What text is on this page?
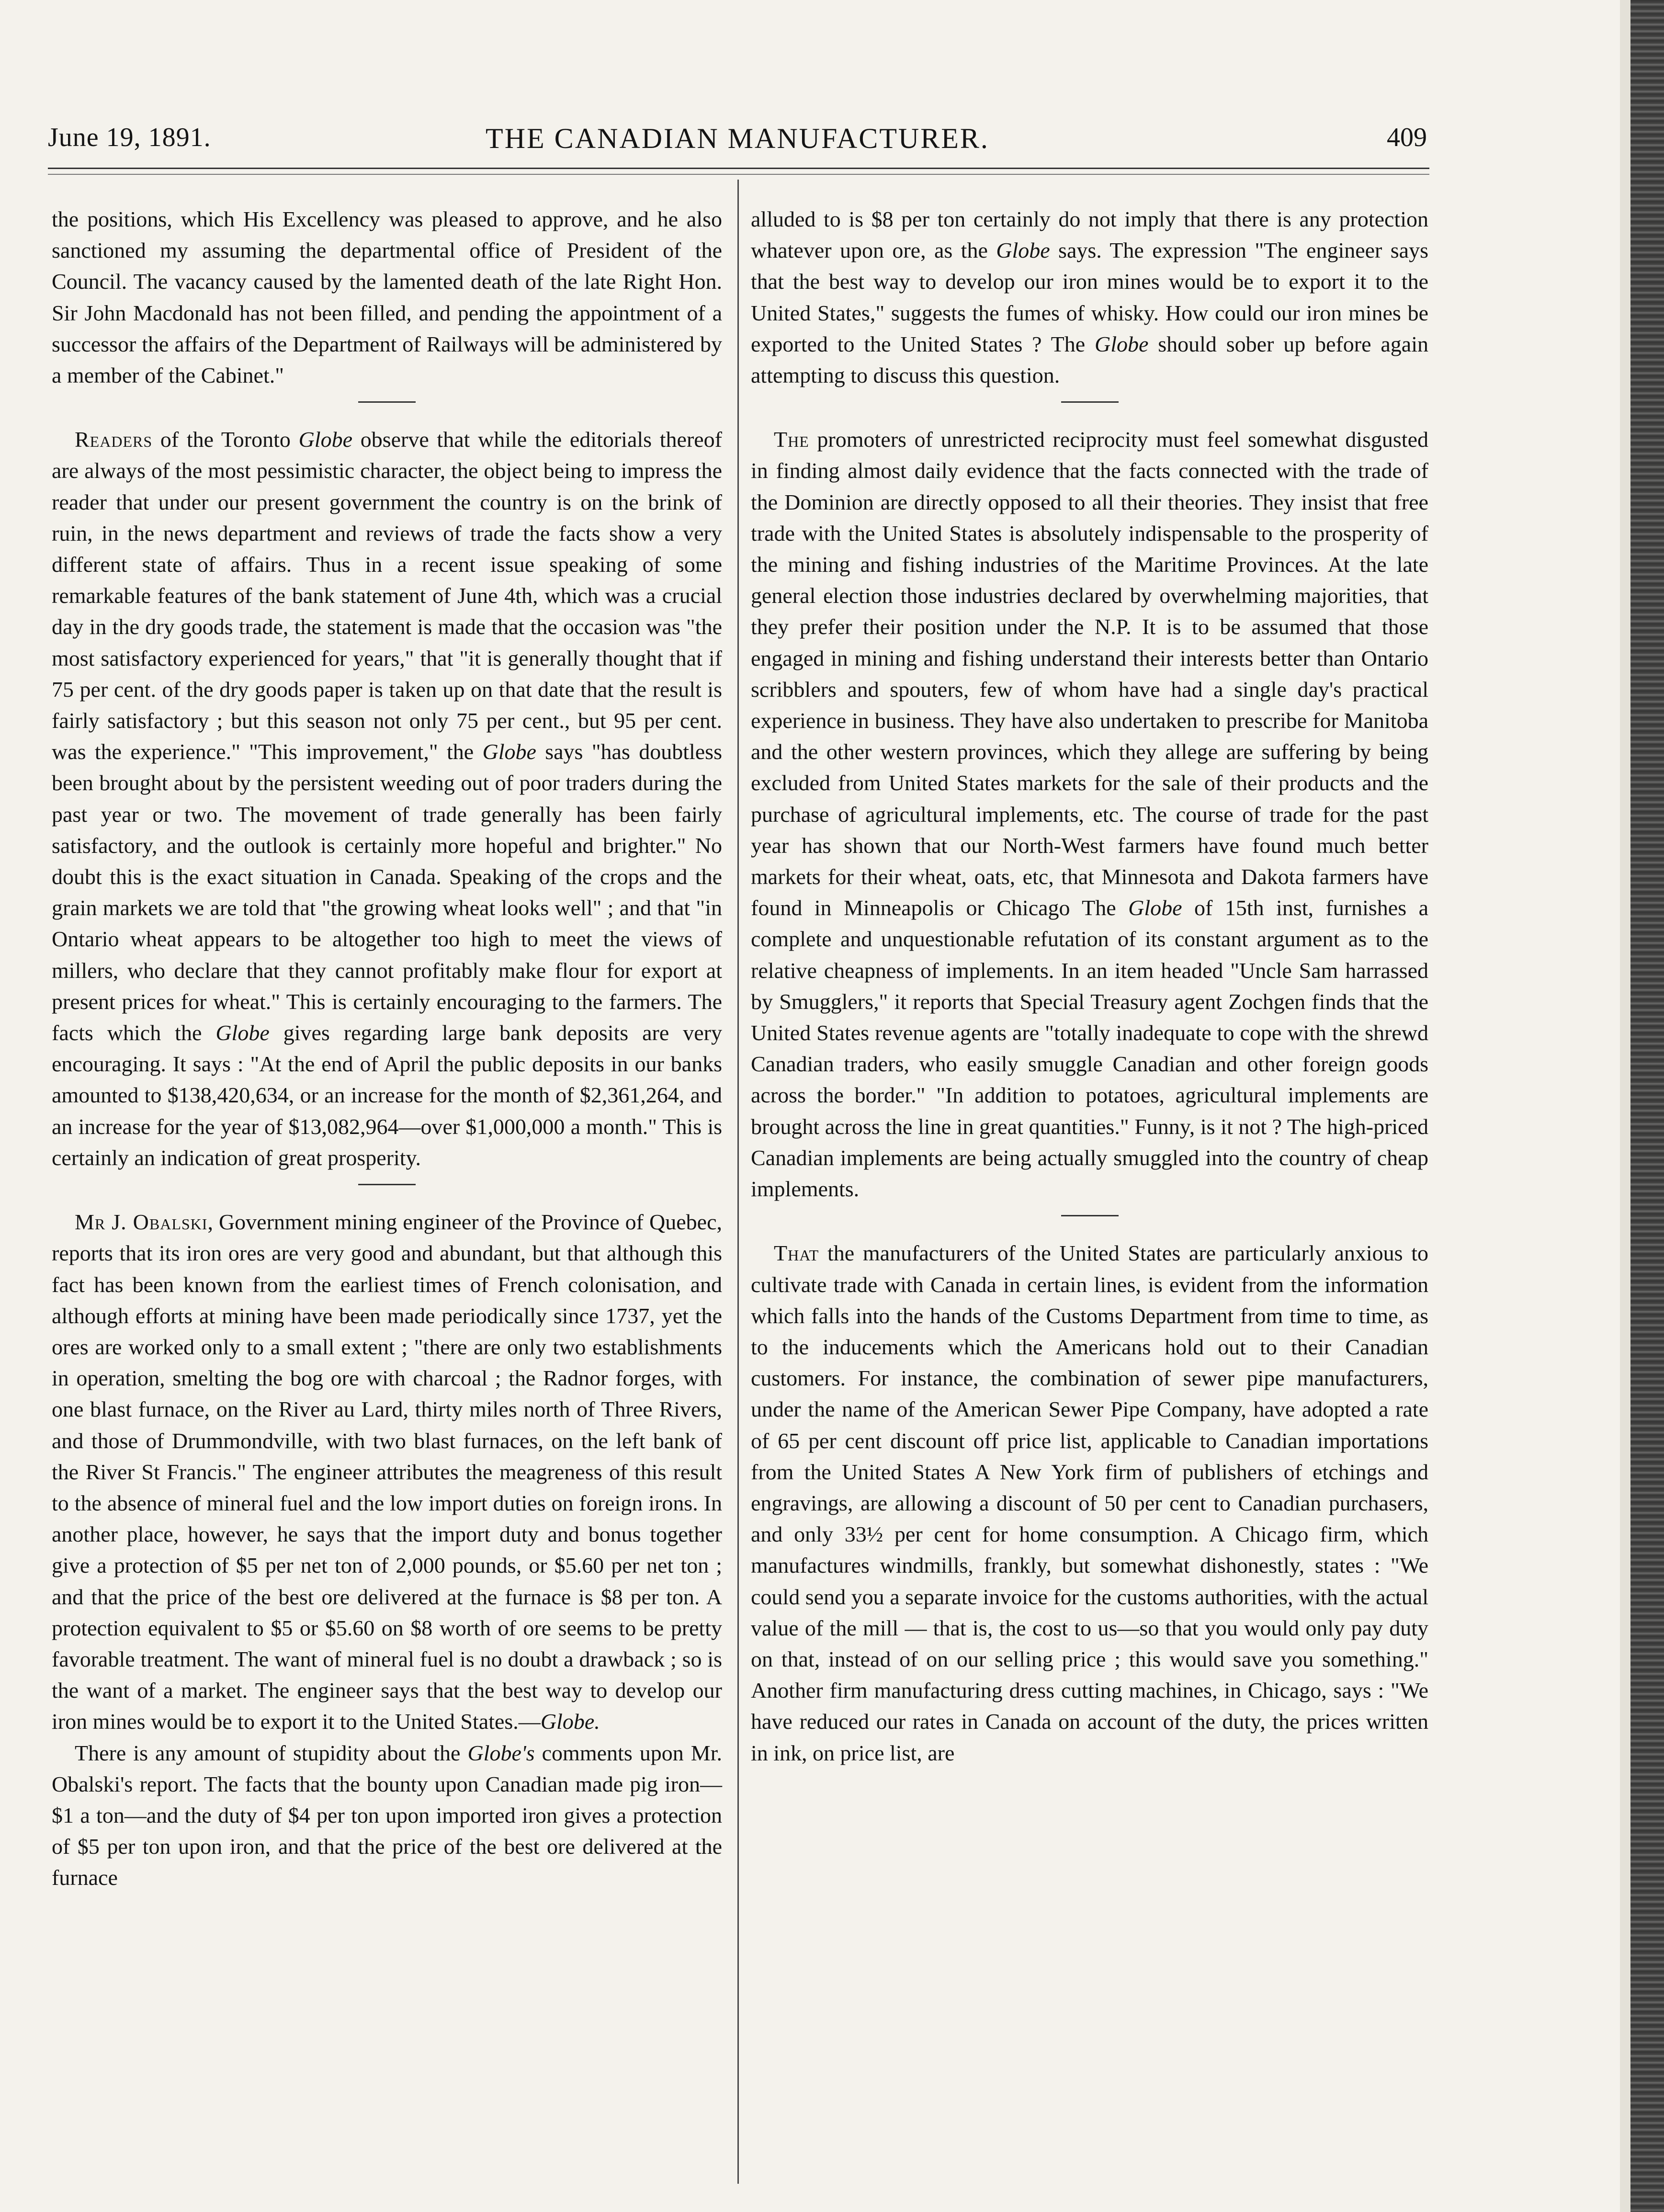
June 19, 1891.	THE CANADIAN MANUFACTURER.	409

the positions, which His Excellency was pleased to approve, and he also sanctioned my assuming the departmental office of President of the Council. The vacancy caused by the lamented death of the late Right Hon. Sir John Macdonald has not been filled, and pending the appointment of a successor the affairs of the Department of Railways will be administered by a member of the Cabinet."

Readers of the Toronto Globe observe that while the editorials thereof are always of the most pessimistic character, the object being to impress the reader that under our present government the country is on the brink of ruin, in the news department and reviews of trade the facts show a very different state of affairs. Thus in a recent issue speaking of some remarkable features of the bank statement of June 4th, which was a crucial day in the dry goods trade, the statement is made that the occasion was "the most satisfactory experienced for years," that "it is generally thought that if 75 per cent. of the dry goods paper is taken up on that date that the result is fairly satisfactory ; but this season not only 75 per cent., but 95 per cent. was the experience." "This improvement," the Globe says "has doubtless been brought about by the persistent weeding out of poor traders during the past year or two. The movement of trade generally has been fairly satisfactory, and the outlook is certainly more hopeful and brighter." No doubt this is the exact situation in Canada. Speaking of the crops and the grain markets we are told that "the growing wheat looks well" ; and that "in Ontario wheat appears to be altogether too high to meet the views of millers, who declare that they cannot profitably make flour for export at present prices for wheat." This is certainly encouraging to the farmers. The facts which the Globe gives regarding large bank deposits are very encouraging. It says : "At the end of April the public deposits in our banks amounted to $138,420,634, or an increase for the month of $2,361,264, and an increase for the year of $13,082,964—over $1,000,000 a month." This is certainly an indication of great prosperity.

Mr J. Obalski, Government mining engineer of the Province of Quebec, reports that its iron ores are very good and abundant, but that although this fact has been known from the earliest times of French colonisation, and although efforts at mining have been made periodically since 1737, yet the ores are worked only to a small extent ; "there are only two establishments in operation, smelting the bog ore with charcoal ; the Radnor forges, with one blast furnace, on the River au Lard, thirty miles north of Three Rivers, and those of Drummondville, with two blast furnaces, on the left bank of the River St Francis." The engineer attributes the meagreness of this result to the absence of mineral fuel and the low import duties on foreign irons. In another place, however, he says that the import duty and bonus together give a protection of $5 per net ton of 2,000 pounds, or $5.60 per net ton ; and that the price of the best ore delivered at the furnace is $8 per ton. A protection equivalent to $5 or $5.60 on $8 worth of ore seems to be pretty favorable treatment. The want of mineral fuel is no doubt a drawback ; so is the want of a market. The engineer says that the best way to develop our iron mines would be to export it to the United States.—Globe.

There is any amount of stupidity about the Globe's comments upon Mr. Obalski's report. The facts that the bounty upon Canadian made pig iron—$1 a ton—and the duty of $4 per ton upon imported iron gives a protection of $5 per ton upon iron, and that the price of the best ore delivered at the furnace

alluded to is $8 per ton certainly do not imply that there is any protection whatever upon ore, as the Globe says. The expression "The engineer says that the best way to develop our iron mines would be to export it to the United States," suggests the fumes of whisky. How could our iron mines be exported to the United States ? The Globe should sober up before again attempting to discuss this question.

The promoters of unrestricted reciprocity must feel somewhat disgusted in finding almost daily evidence that the facts connected with the trade of the Dominion are directly opposed to all their theories. They insist that free trade with the United States is absolutely indispensable to the prosperity of the mining and fishing industries of the Maritime Provinces. At the late general election those industries declared by overwhelming majorities, that they prefer their position under the N.P. It is to be assumed that those engaged in mining and fishing understand their interests better than Ontario scribblers and spouters, few of whom have had a single day's practical experience in business. They have also undertaken to prescribe for Manitoba and the other western provinces, which they allege are suffering by being excluded from United States markets for the sale of their products and the purchase of agricultural implements, etc. The course of trade for the past year has shown that our North-West farmers have found much better markets for their wheat, oats, etc, that Minnesota and Dakota farmers have found in Minneapolis or Chicago The Globe of 15th inst, furnishes a complete and unquestionable refutation of its constant argument as to the relative cheapness of implements. In an item headed "Uncle Sam harrassed by Smugglers," it reports that Special Treasury agent Zochgen finds that the United States revenue agents are "totally inadequate to cope with the shrewd Canadian traders, who easily smuggle Canadian and other foreign goods across the border." "In addition to potatoes, agricultural implements are brought across the line in great quantities." Funny, is it not ? The high-priced Canadian implements are being actually smuggled into the country of cheap implements.

That the manufacturers of the United States are particularly anxious to cultivate trade with Canada in certain lines, is evident from the information which falls into the hands of the Customs Department from time to time, as to the inducements which the Americans hold out to their Canadian customers. For instance, the combination of sewer pipe manufacturers, under the name of the American Sewer Pipe Company, have adopted a rate of 65 per cent discount off price list, applicable to Canadian importations from the United States A New York firm of publishers of etchings and engravings, are allowing a discount of 50 per cent to Canadian purchasers, and only 33½ per cent for home consumption. A Chicago firm, which manufactures windmills, frankly, but somewhat dishonestly, states : "We could send you a separate invoice for the customs authorities, with the actual value of the mill — that is, the cost to us—so that you would only pay duty on that, instead of on our selling price ; this would save you something." Another firm manufacturing dress cutting machines, in Chicago, says : "We have reduced our rates in Canada on account of the duty, the prices written in ink, on price list, are
